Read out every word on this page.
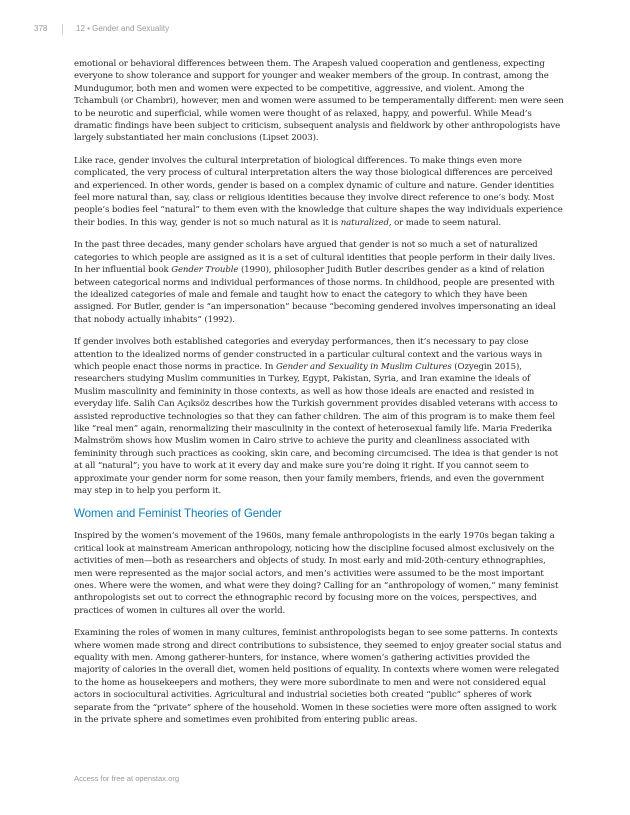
378	12 • Gender and Sexuality

emotional or behavioral differences between them. The Arapesh valued cooperation and gentleness, expecting everyone to show tolerance and support for younger and weaker members of the group. In contrast, among the Mundugumor, both men and women were expected to be competitive, aggressive, and violent. Among the Tchambuli (or Chambri), however, men and women were assumed to be temperamentally different: men were seen to be neurotic and superficial, while women were thought of as relaxed, happy, and powerful. While Mead’s dramatic findings have been subject to criticism, subsequent analysis and fieldwork by other anthropologists have largely substantiated her main conclusions (Lipset 2003).

Like race, gender involves the cultural interpretation of biological differences. To make things even more complicated, the very process of cultural interpretation alters the way those biological differences are perceived and experienced. In other words, gender is based on a complex dynamic of culture and nature. Gender identities feel more natural than, say, class or religious identities because they involve direct reference to one’s body. Most people’s bodies feel “natural” to them even with the knowledge that culture shapes the way individuals experience their bodies. In this way, gender is not so much natural as it is naturalized, or made to seem natural.

In the past three decades, many gender scholars have argued that gender is not so much a set of naturalized categories to which people are assigned as it is a set of cultural identities that people perform in their daily lives. In her influential book Gender Trouble (1990), philosopher Judith Butler describes gender as a kind of relation between categorical norms and individual performances of those norms. In childhood, people are presented with the idealized categories of male and female and taught how to enact the category to which they have been assigned. For Butler, gender is “an impersonation” because “becoming gendered involves impersonating an ideal that nobody actually inhabits” (1992).

If gender involves both established categories and everyday performances, then it’s necessary to pay close attention to the idealized norms of gender constructed in a particular cultural context and the various ways in which people enact those norms in practice. In Gender and Sexuality in Muslim Cultures (Ozyegin 2015), researchers studying Muslim communities in Turkey, Egypt, Pakistan, Syria, and Iran examine the ideals of Muslim masculinity and femininity in those contexts, as well as how those ideals are enacted and resisted in everyday life. Salih Can Açıksöz describes how the Turkish government provides disabled veterans with access to assisted reproductive technologies so that they can father children. The aim of this program is to make them feel like “real men” again, renormalizing their masculinity in the context of heterosexual family life. Maria Frederika Malmström shows how Muslim women in Cairo strive to achieve the purity and cleanliness associated with femininity through such practices as cooking, skin care, and becoming circumcised. The idea is that gender is not at all “natural”; you have to work at it every day and make sure you’re doing it right. If you cannot seem to approximate your gender norm for some reason, then your family members, friends, and even the government may step in to help you perform it.

Women and Feminist Theories of Gender

Inspired by the women’s movement of the 1960s, many female anthropologists in the early 1970s began taking a critical look at mainstream American anthropology, noticing how the discipline focused almost exclusively on the activities of men—both as researchers and objects of study. In most early and mid-20th-century ethnographies, men were represented as the major social actors, and men’s activities were assumed to be the most important ones. Where were the women, and what were they doing? Calling for an “anthropology of women,” many feminist anthropologists set out to correct the ethnographic record by focusing more on the voices, perspectives, and practices of women in cultures all over the world.

Examining the roles of women in many cultures, feminist anthropologists began to see some patterns. In contexts where women made strong and direct contributions to subsistence, they seemed to enjoy greater social status and equality with men. Among gatherer-hunters, for instance, where women’s gathering activities provided the majority of calories in the overall diet, women held positions of equality. In contexts where women were relegated to the home as housekeepers and mothers, they were more subordinate to men and were not considered equal actors in sociocultural activities. Agricultural and industrial societies both created “public” spheres of work separate from the “private” sphere of the household. Women in these societies were more often assigned to work in the private sphere and sometimes even prohibited from entering public areas.

Access for free at openstax.org
